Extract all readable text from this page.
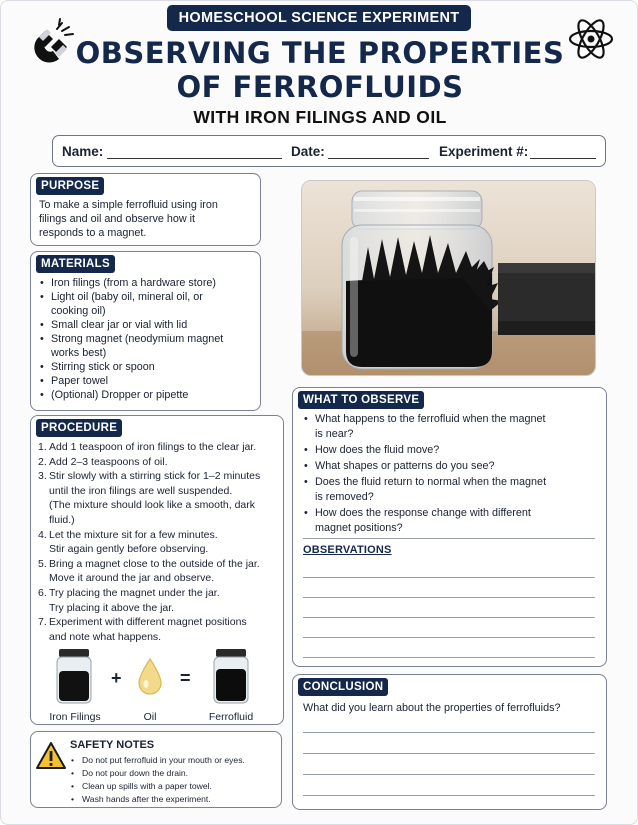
HOMESCHOOL SCIENCE EXPERIMENT
OBSERVING THE PROPERTIES
OF FERROFLUIDS
WITH IRON FILINGS AND OIL
Name:	Date:	Experiment #:
PURPOSE
To make a simple ferrofluid using iron
filings and oil and observe how it
responds to a magnet.
MATERIALS
• Iron filings (from a hardware store)
• Light oil (baby oil, mineral oil, or
cooking oil)
• Small clear jar or vial with lid
• Strong magnet (neodymium magnet
works best)
• Stirring stick or spoon
• Paper towel
• (Optional) Dropper or pipette
PROCEDURE
1. Add 1 teaspoon of iron filings to the clear jar.
2. Add 2–3 teaspoons of oil.
3. Stir slowly with a stirring stick for 1–2 minutes
until the iron filings are well suspended.
(The mixture should look like a smooth, dark fluid.)
4. Let the mixture sit for a few minutes.
Stir again gently before observing.
5. Bring a magnet close to the outside of the jar.
Move it around the jar and observe.
6. Try placing the magnet under the jar.
Try placing it above the jar.
7. Experiment with different magnet positions
and note what happens.
+	=
Iron Filings	Oil	Ferrofluid
SAFETY NOTES
• Do not put ferrofluid in your mouth or eyes.
• Do not pour down the drain.
• Clean up spills with a paper towel.
• Wash hands after the experiment.
WHAT TO OBSERVE
• What happens to the ferrofluid when the magnet
is near?
• How does the fluid move?
• What shapes or patterns do you see?
• Does the fluid return to normal when the magnet
is removed?
• How does the response change with different
magnet positions?
OBSERVATIONS
CONCLUSION
What did you learn about the properties of ferrofluids?
